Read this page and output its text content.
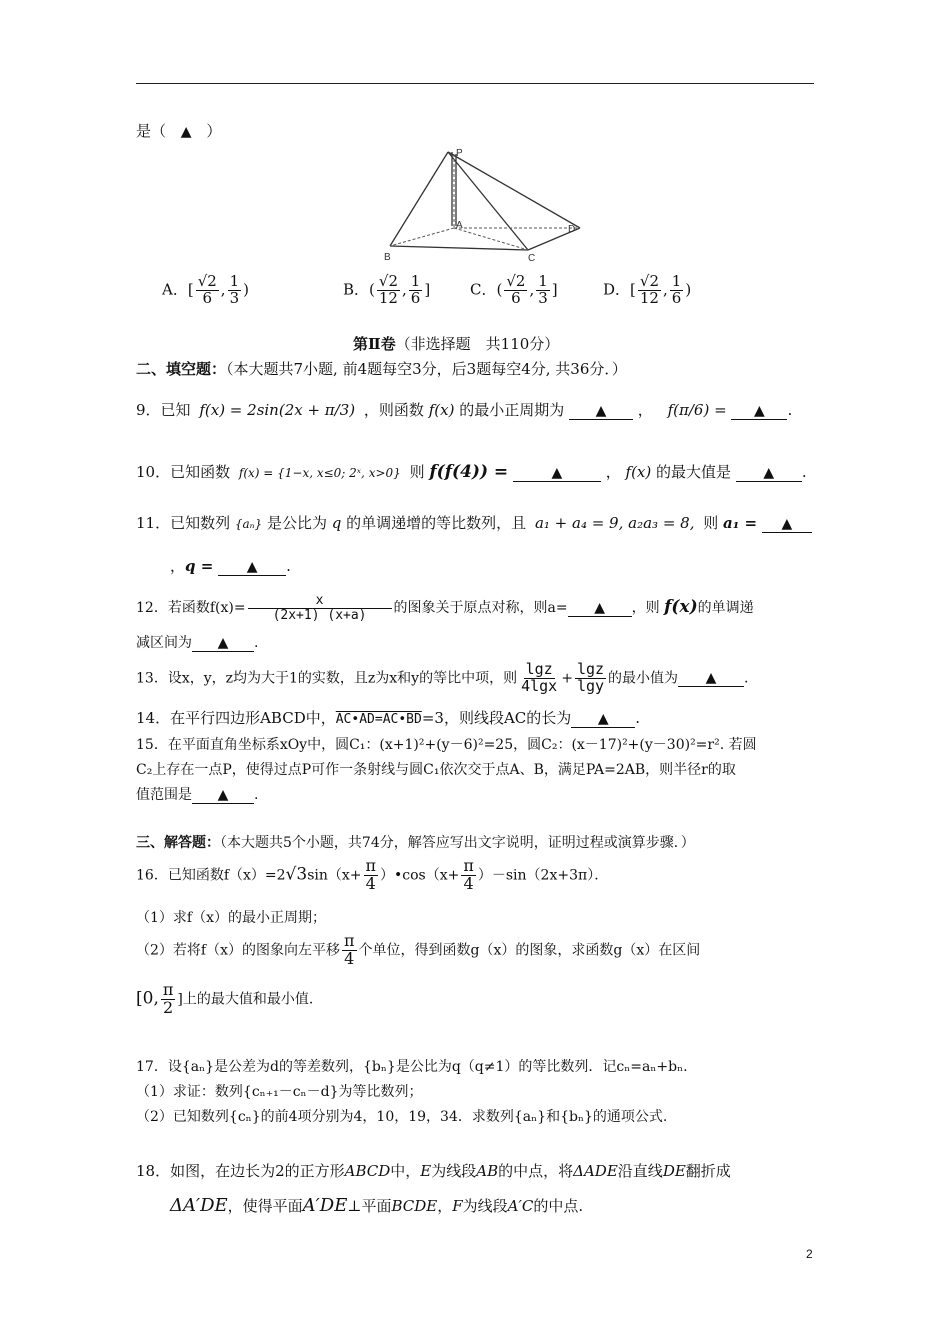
是（ ▲ ）
P
A
B	C
D
A．[ $\frac{√2}{6}$ , $\frac{1}{3}$ )	B．( $\frac{√2}{12}$ , $\frac{1}{6}$ ]	C．( $\frac{√2}{6}$ , $\frac{1}{3}$ ]	D．[ $\frac{√2}{12}$ , $\frac{1}{6}$ )
第Ⅱ卷（非选择题　共110分）
二、填空题：（本大题共7小题, 前4题每空3分，后3题每空4分, 共36分．）
9．已知 f(x) = 2sin(2x + π/3) ，则函数 f(x) 的最小正周期为 ▲ ， f(π/6) = ▲ .
10．已知函数 f(x) = {1−x, x≤0; 2ˣ, x>0} 则 f(f(4)) =	▲	， f(x) 的最大值是 ▲ .
11．已知数列 {aₙ} 是公比为 q 的单调递增的等比数列，且 a₁ + a₄ = 9, a₂a₃ = 8, 则 a₁ = ▲
，q = ▲ .
12．若函数$f(x)= \frac{x}{(2x+1) (x+a)}$ 的图象关于原点对称，则a= ▲ ，则 f(x)的单调递
减区间为 ▲ .
13．设x，y，z均为大于1的实数，且z为x和y的等比中项，则 $\frac{\lg z}{4\lg x} + \frac{\lg z}{\lg y}$ 的最小值为 ▲ .
14．在平行四边形ABCD中，AC•AD=AC•BD=3，则线段AC的长为 ▲ .
15．在平面直角坐标系xOy中，圆C₁：(x+1)²+(y－6)²=25，圆C₂：(x－17)²+(y－30)²=r². 若圆
C₂上存在一点P，使得过点P可作一条射线与圆C₁依次交于点A、B，满足PA=2AB，则半径r的取
值范围是 ▲ .
三、解答题：（本大题共5个小题，共74分，解答应写出文字说明，证明过程或演算步骤．）
16．已知函数$f(x)=2√3\sin(x+ \frac{\pi}{4}$ ）•cos（x+ $\frac{\pi}{4} )-\sin(2x+3\pi)$．
（1）求f（x）的最小正周期；
（2）若将f（x）的图象向左平移 $\frac{\pi}{4}$ 个单位，得到函数g（x）的图象，求函数g（x）在区间
[0, $\frac{\pi}{2}$ ]上的最大值和最小值.
17．设{aₙ}是公差为d的等差数列，{bₙ}是公比为q（q≠1）的等比数列．记cₙ=aₙ+bₙ.
（1）求证：数列{cₙ₊₁－cₙ－d}为等比数列；
（2）已知数列{cₙ}的前4项分别为4，10，19，34．求数列{aₙ}和{bₙ}的通项公式.
18．如图，在边长为2的正方形ABCD中，E为线段AB的中点，将ΔADE沿直线DE翻折成
ΔA′DE，使得平面A′DE⊥平面BCDE，F为线段A′C的中点.
2
